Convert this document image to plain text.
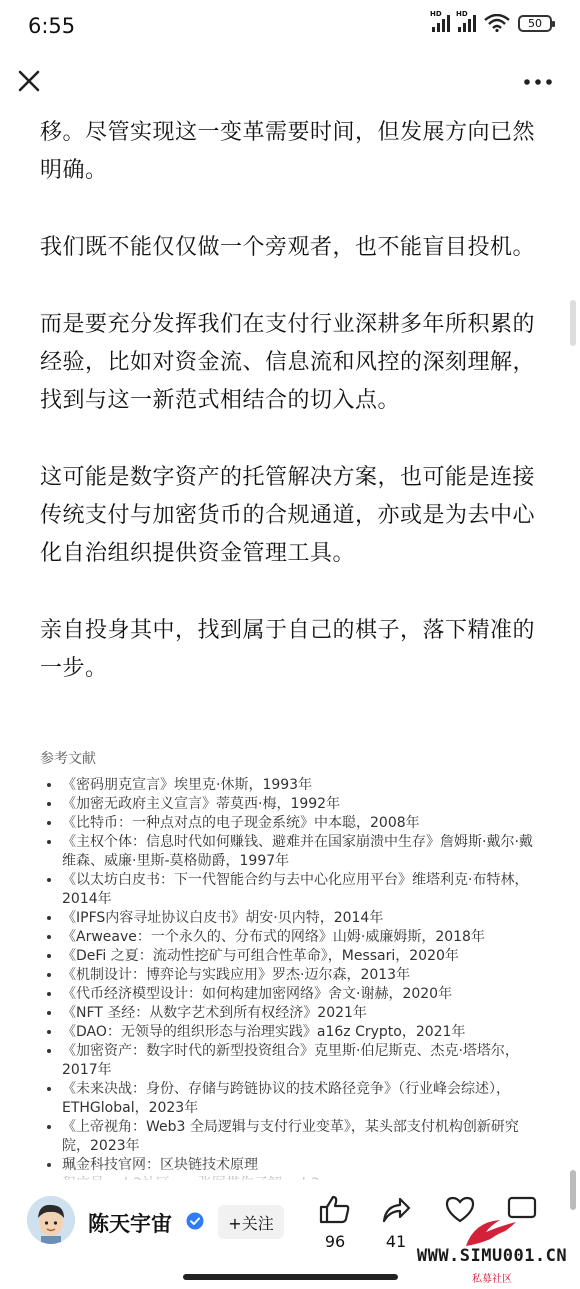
6:55	HD HD
50

移。尽管实现这一变革需要时间，但发展方向已然明确。

我们既不能仅仅做一个旁观者，也不能盲目投机。

而是要充分发挥我们在支付行业深耕多年所积累的经验，比如对资金流、信息流和风控的深刻理解，找到与这一新范式相结合的切入点。

这可能是数字资产的托管解决方案，也可能是连接传统支付与加密货币的合规通道，亦或是为去中心化自治组织提供资金管理工具。

亲自投身其中，找到属于自己的棋子，落下精准的一步。

参考文献
• 《密码朋克宣言》埃里克·休斯，1993年
• 《加密无政府主义宣言》蒂莫西·梅，1992年
• 《比特币：一种点对点的电子现金系统》中本聪，2008年
• 《主权个体：信息时代如何赚钱、避难并在国家崩溃中生存》詹姆斯·戴尔·戴维森、威廉·里斯-莫格勋爵，1997年
• 《以太坊白皮书：下一代智能合约与去中心化应用平台》维塔利克·布特林，2014年
• 《IPFS内容寻址协议白皮书》胡安·贝内特，2014年
• 《Arweave：一个永久的、分布式的网络》山姆·威廉姆斯，2018年
• 《DeFi 之夏：流动性挖矿与可组合性革命》，Messari，2020年
• 《机制设计：博弈论与实践应用》罗杰·迈尔森，2013年
• 《代币经济模型设计：如何构建加密网络》舍文·谢赫，2020年
• 《NFT 圣经：从数字艺术到所有权经济》2021年
• 《DAO：无领导的组织形态与治理实践》a16z Crypto，2021年
• 《加密资产：数字时代的新型投资组合》克里斯·伯尼斯克、杰克·塔塔尔，2017年
• 《未来决战：身份、存储与跨链协议的技术路径竞争》（行业峰会综述），ETHGlobal，2023年
• 《上帝视角：Web3 全局逻辑与支付行业变革》，某头部支付机构创新研究院，2023年
• 珮金科技官网：区块链技术原理
•
陈天宇宙	+关注
96	41
WWW.SIMU001.CN
私募社区
